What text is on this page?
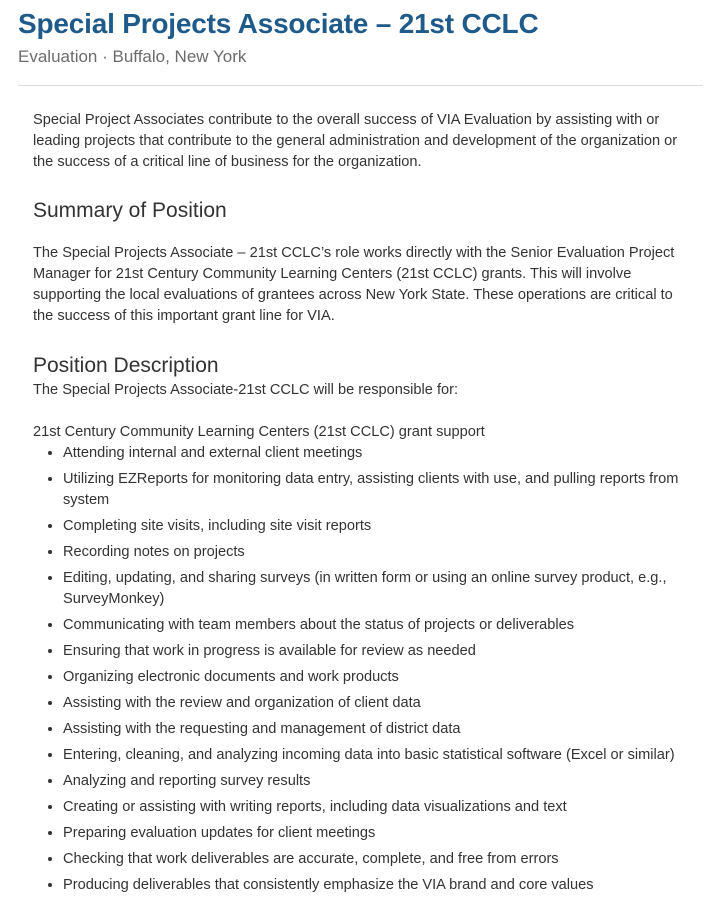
Special Projects Associate – 21st CCLC
Evaluation · Buffalo, New York

Special Project Associates contribute to the overall success of VIA Evaluation by assisting with or leading projects that contribute to the general administration and development of the organization or the success of a critical line of business for the organization.

Summary of Position

The Special Projects Associate – 21st CCLC’s role works directly with the Senior Evaluation Project Manager for 21st Century Community Learning Centers (21st CCLC) grants. This will involve supporting the local evaluations of grantees across New York State. These operations are critical to the success of this important grant line for VIA.

Position Description

The Special Projects Associate-21st CCLC will be responsible for:

21st Century Community Learning Centers (21st CCLC) grant support

• Attending internal and external client meetings
• Utilizing EZReports for monitoring data entry, assisting clients with use, and pulling reports from system
• Completing site visits, including site visit reports
• Recording notes on projects
• Editing, updating, and sharing surveys (in written form or using an online survey product, e.g., SurveyMonkey)
• Communicating with team members about the status of projects or deliverables
• Ensuring that work in progress is available for review as needed
• Organizing electronic documents and work products
• Assisting with the review and organization of client data
• Assisting with the requesting and management of district data
• Entering, cleaning, and analyzing incoming data into basic statistical software (Excel or similar)
• Analyzing and reporting survey results
• Creating or assisting with writing reports, including data visualizations and text
• Preparing evaluation updates for client meetings
• Checking that work deliverables are accurate, complete, and free from errors
• Producing deliverables that consistently emphasize the VIA brand and core values
